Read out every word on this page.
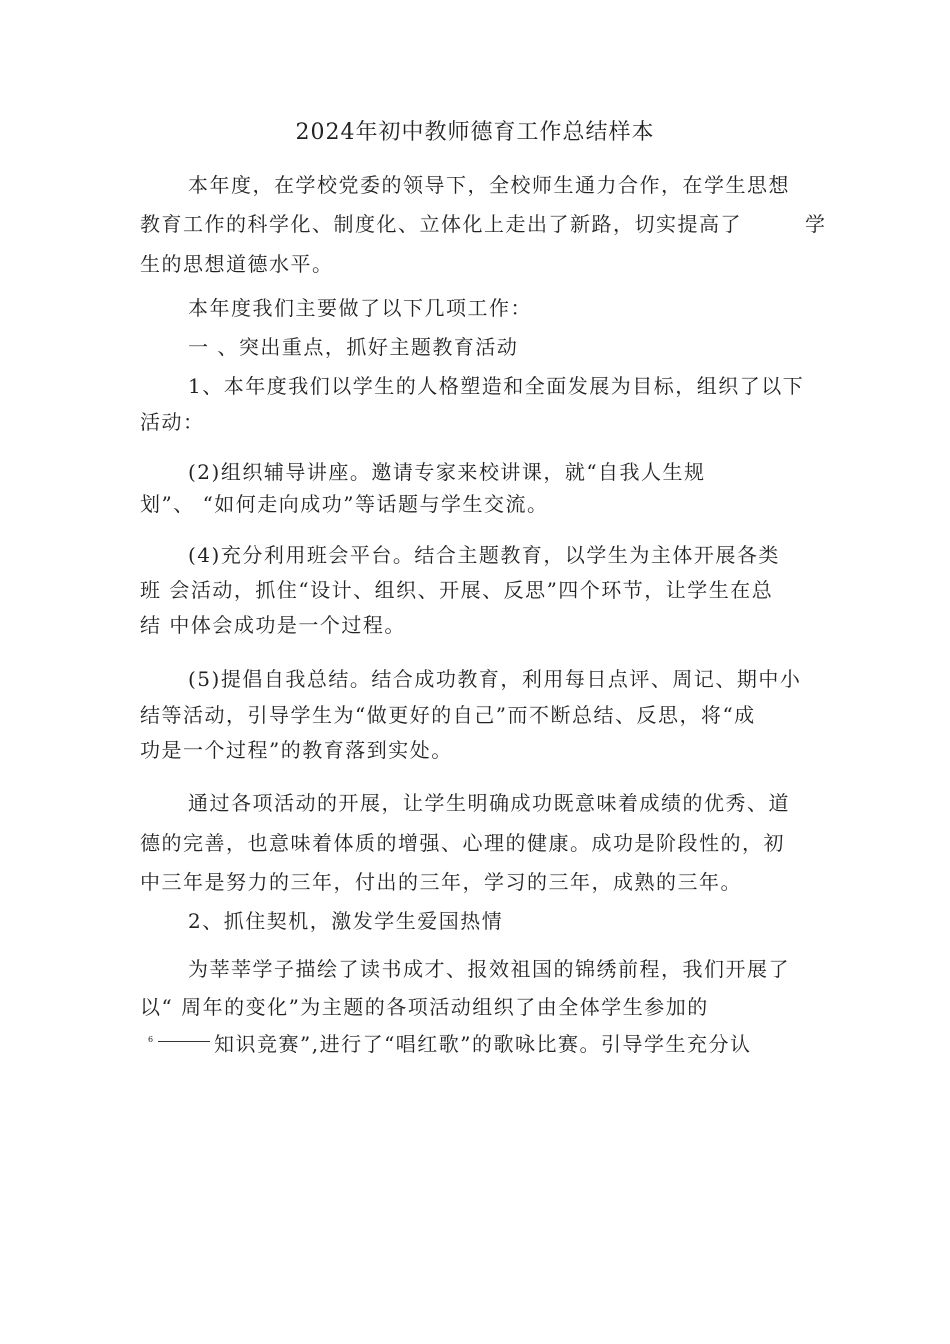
2024年初中教师德育工作总结样本
本年度，在学校党委的领导下，全校师生通力合作，在学生思想
教育工作的科学化、制度化、立体化上走出了新路，切实提高了	学
生的思想道德水平。
本年度我们主要做了以下几项工作：
一 、突出重点，抓好主题教育活动
1、本年度我们以学生的人格塑造和全面发展为目标，组织了以下
活动：
(2)组织辅导讲座。邀请专家来校讲课，就“自我人生规
划”、 “如何走向成功”等话题与学生交流。
(4)充分利用班会平台。结合主题教育，以学生为主体开展各类
班 会活动，抓住“设计、组织、开展、反思”四个环节，让学生在总
结 中体会成功是一个过程。
(5)提倡自我总结。结合成功教育，利用每日点评、周记、期中小
结等活动，引导学生为“做更好的自己”而不断总结、反思，将“成
功是一个过程”的教育落到实处。
通过各项活动的开展，让学生明确成功既意味着成绩的优秀、道
德的完善，也意味着体质的增强、心理的健康。成功是阶段性的，初
中三年是努力的三年，付出的三年，学习的三年，成熟的三年。
2、抓住契机，激发学生爱国热情
为莘莘学子描绘了读书成才、报效祖国的锦绣前程，我们开展了
以“ 周年的变化”为主题的各项活动组织了由全体学生参加的
6	知识竞赛”,进行了“唱红歌”的歌咏比赛。引导学生充分认
